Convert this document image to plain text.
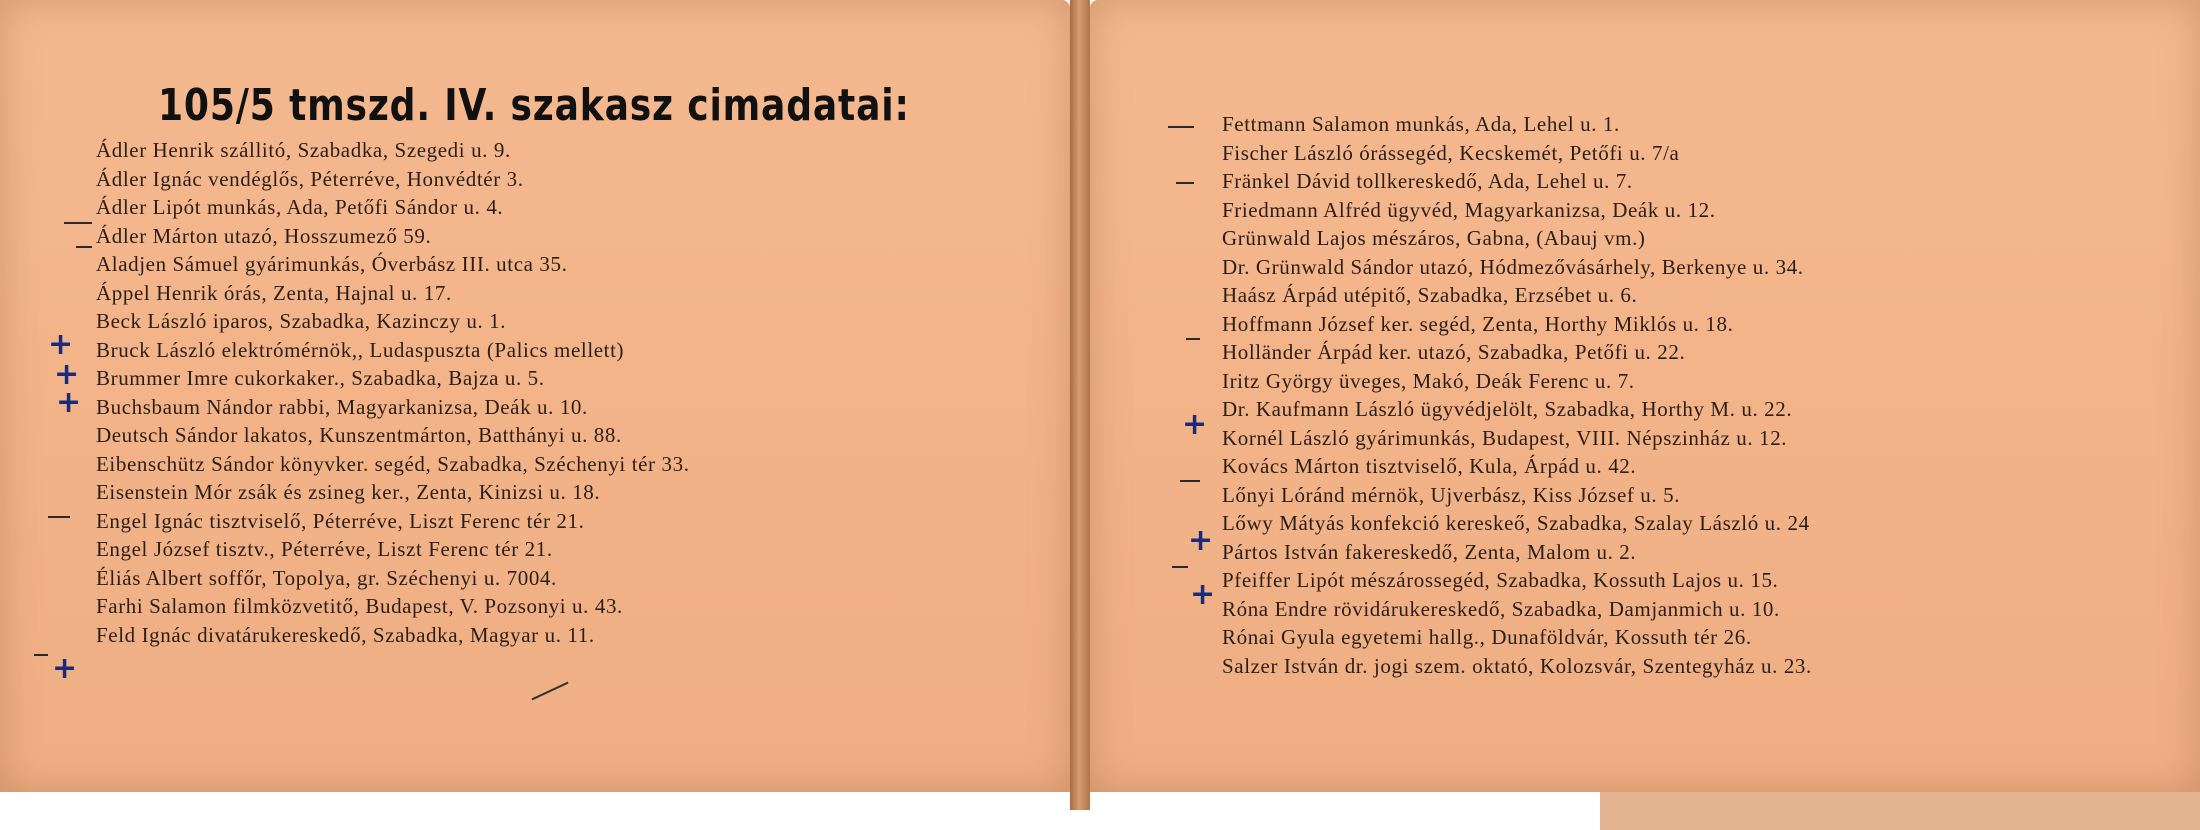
105/5 tmszd. IV. szakasz cimadatai:
Ádler Henrik szállitó, Szabadka, Szegedi u. 9.
Ádler Ignác vendéglős, Péterréve, Honvédtér 3.
Ádler Lipót munkás, Ada, Petőfi Sándor u. 4.
Ádler Márton utazó, Hosszumező 59.
Aladjen Sámuel gyárimunkás, Óverbász III. utca 35.
Áppel Henrik órás, Zenta, Hajnal u. 17.
Beck László iparos, Szabadka, Kazinczy u. 1.
Bruck László elektrómérnök,, Ludaspuszta (Palics mellett)
Brummer Imre cukorkaker., Szabadka, Bajza u. 5.
Buchsbaum Nándor rabbi, Magyarkanizsa, Deák u. 10.
Deutsch Sándor lakatos, Kunszentmárton, Batthányi u. 88.
Eibenschütz Sándor könyvker. segéd, Szabadka, Széchenyi tér 33.
Eisenstein Mór zsák és zsineg ker., Zenta, Kinizsi u. 18.
Engel Ignác tisztviselő, Péterréve, Liszt Ferenc tér 21.
Engel József tisztv., Péterréve, Liszt Ferenc tér 21.
Éliás Albert soffőr, Topolya, gr. Széchenyi u. 7004.
Farhi Salamon filmközvetitő, Budapest, V. Pozsonyi u. 43.
Feld Ignác divatárukereskedő, Szabadka, Magyar u. 11.
Fettmann Salamon munkás, Ada, Lehel u. 1.
Fischer László órássegéd, Kecskemét, Petőfi u. 7/a
Fränkel Dávid tollkereskedő, Ada, Lehel u. 7.
Friedmann Alfréd ügyvéd, Magyarkanizsa, Deák u. 12.
Grünwald Lajos mészáros, Gabna, (Abauj vm.)
Dr. Grünwald Sándor utazó, Hódmezővásárhely, Berkenye u. 34.
Haász Árpád utépitő, Szabadka, Erzsébet u. 6.
Hoffmann József ker. segéd, Zenta, Horthy Miklós u. 18.
Holländer Árpád ker. utazó, Szabadka, Petőfi u. 22.
Iritz György üveges, Makó, Deák Ferenc u. 7.
Dr. Kaufmann László ügyvédjelölt, Szabadka, Horthy M. u. 22.
Kornél László gyárimunkás, Budapest, VIII. Népszinház u. 12.
Kovács Márton tisztviselő, Kula, Árpád u. 42.
Lőnyi Lóránd mérnök, Ujverbász, Kiss József u. 5.
Lőwy Mátyás konfekció kereskeő, Szabadka, Szalay László u. 24
Pártos István fakereskedő, Zenta, Malom u. 2.
Pfeiffer Lipót mészárossegéd, Szabadka, Kossuth Lajos u. 15.
Róna Endre rövidárukereskedő, Szabadka, Damjanmich u. 10.
Rónai Gyula egyetemi hallg., Dunaföldvár, Kossuth tér 26.
Salzer István dr. jogi szem. oktató, Kolozsvár, Szentegyház u. 23.
+
+
+
+
+
+
+
